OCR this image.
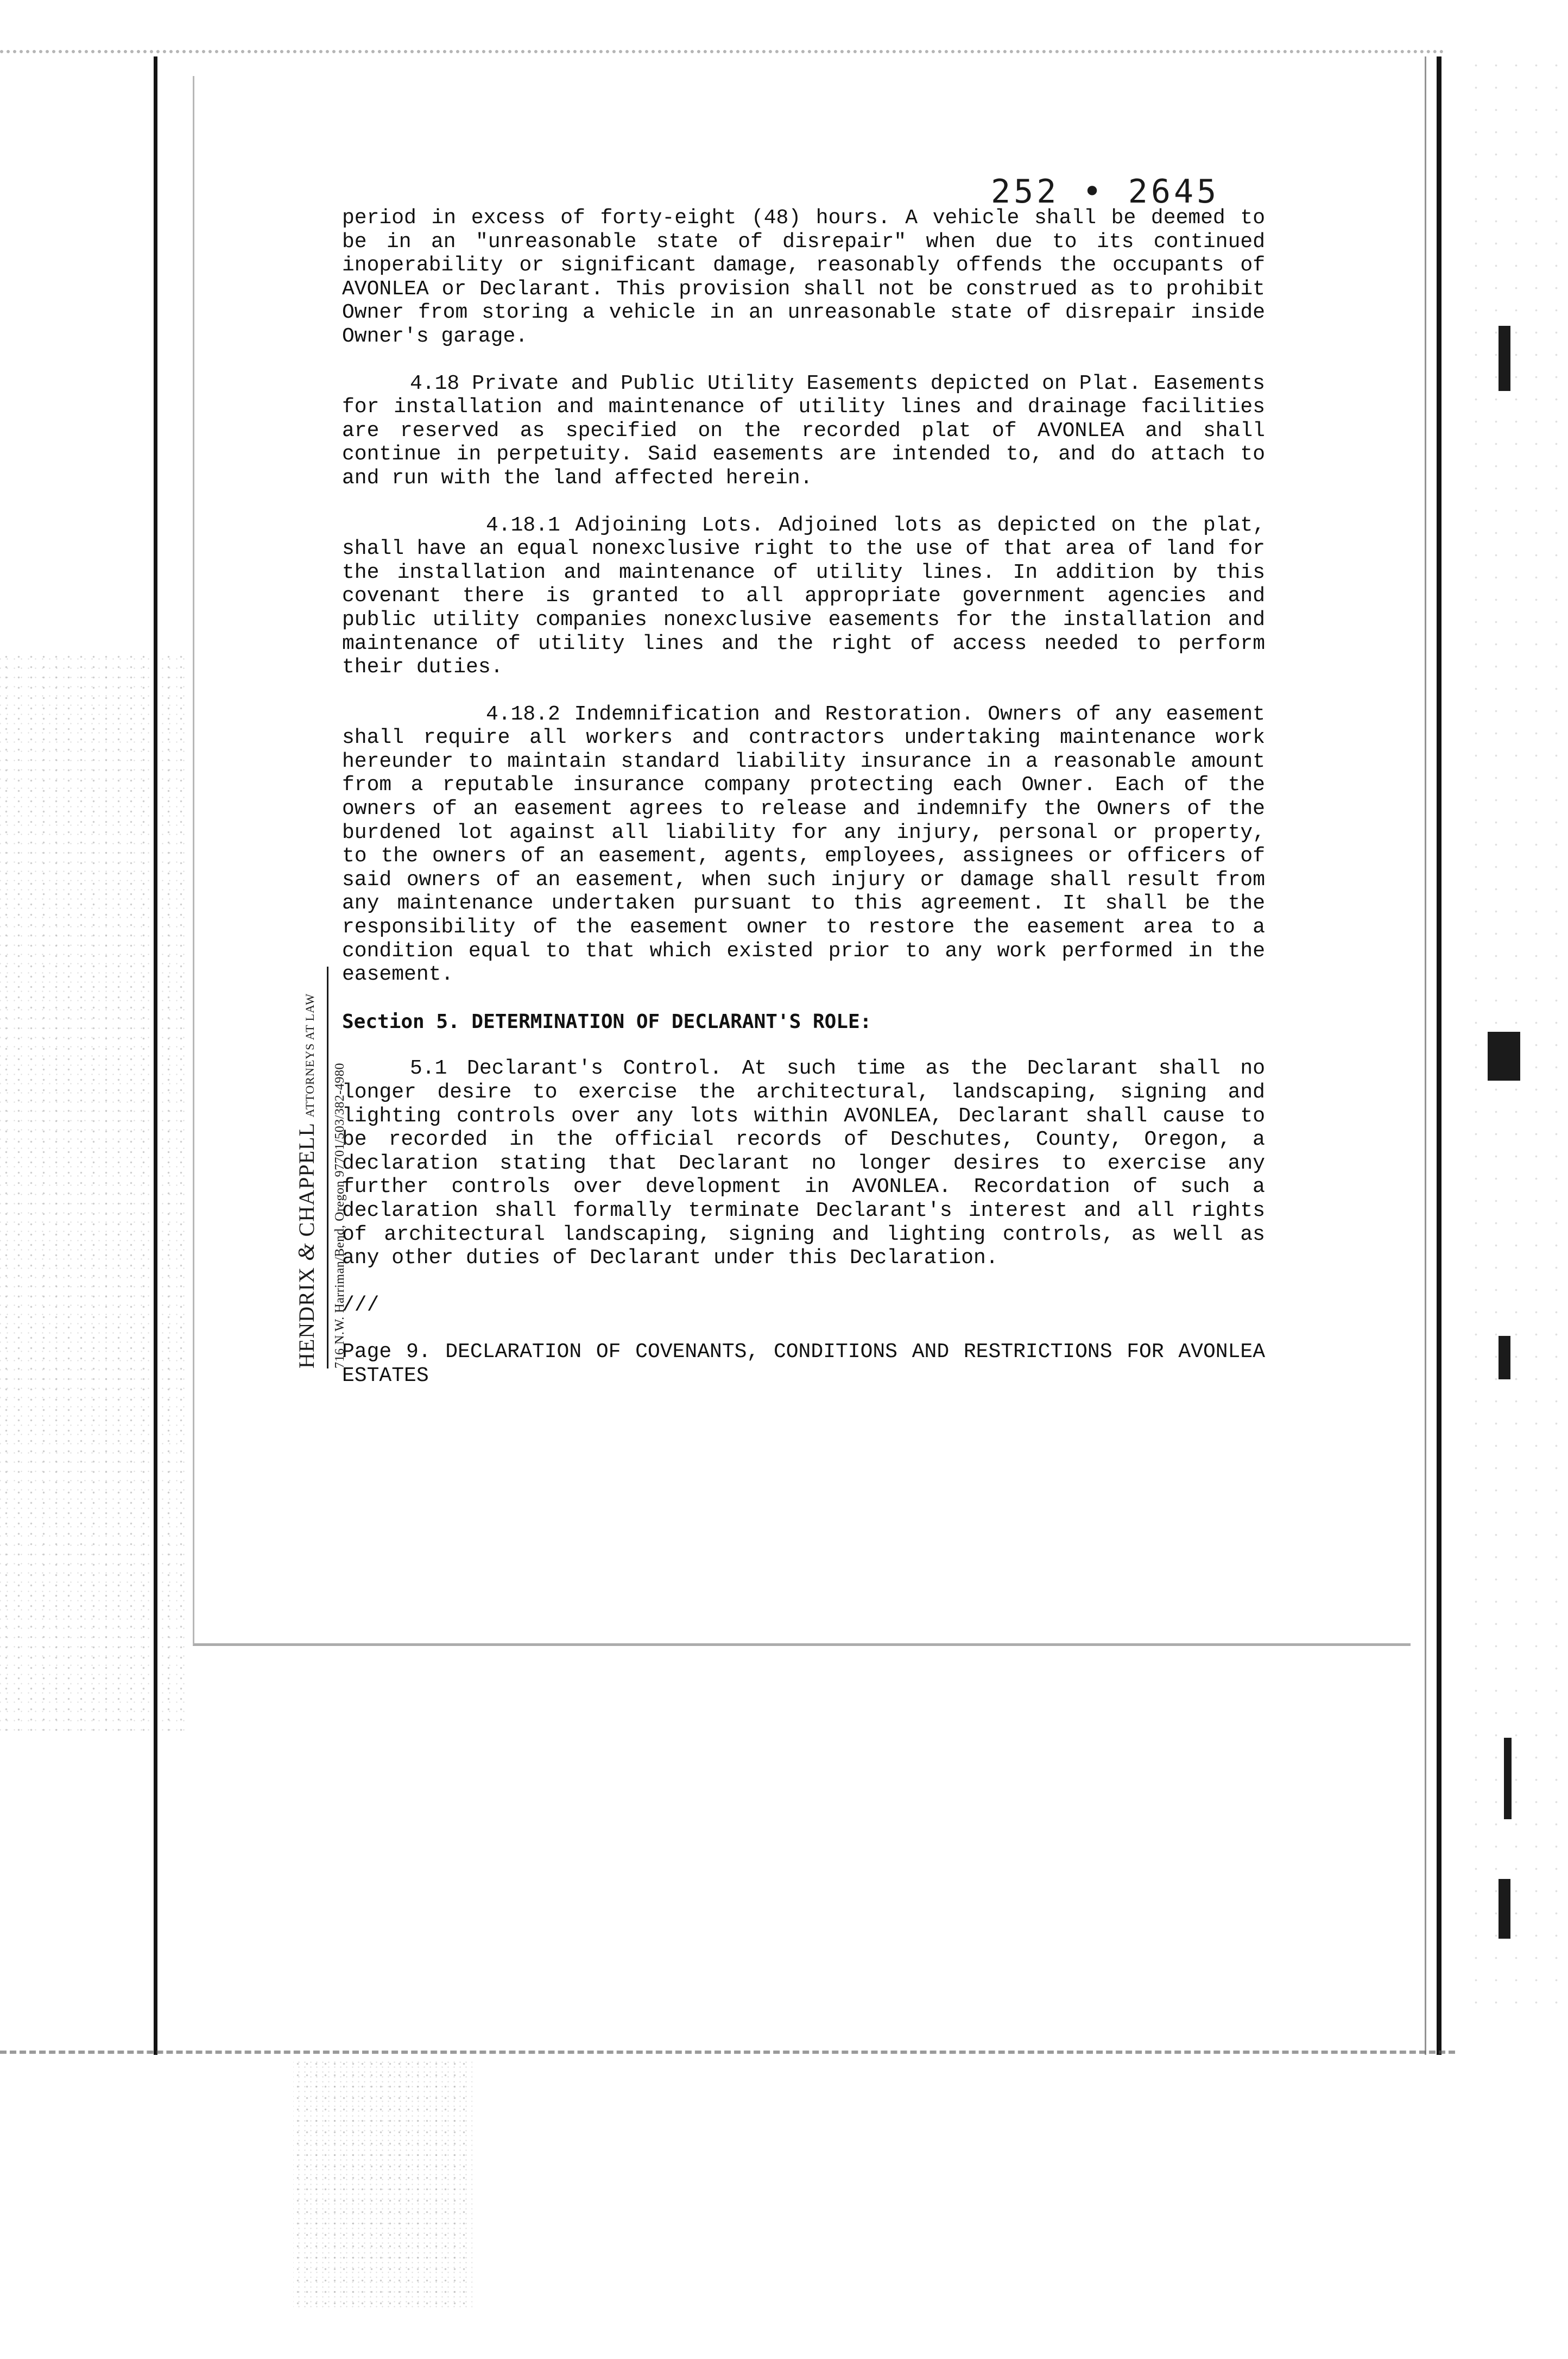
252 • 2645
HENDRIX & CHAPPELL ATTORNEYS AT LAW
716 N.W. Harriman/Bend, Oregon 97701/503/382-4980

period in excess of forty-eight (48) hours. A vehicle shall be deemed to be in an "unreasonable state of disrepair" when due to its continued inoperability or significant damage, reasonably offends the occupants of AVONLEA or Declarant. This provision shall not be construed as to prohibit Owner from storing a vehicle in an unreasonable state of disrepair inside Owner's garage.

4.18 Private and Public Utility Easements depicted on Plat. Easements for installation and maintenance of utility lines and drainage facilities are reserved as specified on the recorded plat of AVONLEA and shall continue in perpetuity. Said easements are intended to, and do attach to and run with the land affected herein.

4.18.1 Adjoining Lots. Adjoined lots as depicted on the plat, shall have an equal nonexclusive right to the use of that area of land for the installation and maintenance of utility lines. In addition by this covenant there is granted to all appropriate government agencies and public utility companies nonexclusive easements for the installation and maintenance of utility lines and the right of access needed to perform their duties.

4.18.2 Indemnification and Restoration. Owners of any easement shall require all workers and contractors undertaking maintenance work hereunder to maintain standard liability insurance in a reasonable amount from a reputable insurance company protecting each Owner. Each of the owners of an easement agrees to release and indemnify the Owners of the burdened lot against all liability for any injury, personal or property, to the owners of an easement, agents, employees, assignees or officers of said owners of an easement, when such injury or damage shall result from any maintenance undertaken pursuant to this agreement. It shall be the responsibility of the easement owner to restore the easement area to a condition equal to that which existed prior to any work performed in the easement.

Section 5. DETERMINATION OF DECLARANT'S ROLE:

5.1 Declarant's Control. At such time as the Declarant shall no longer desire to exercise the architectural, landscaping, signing and lighting controls over any lots within AVONLEA, Declarant shall cause to be recorded in the official records of Deschutes, County, Oregon, a declaration stating that Declarant no longer desires to exercise any further controls over development in AVONLEA. Recordation of such a declaration shall formally terminate Declarant's interest and all rights of architectural landscaping, signing and lighting controls, as well as any other duties of Declarant under this Declaration.

///

Page 9. DECLARATION OF COVENANTS, CONDITIONS AND RESTRICTIONS FOR AVONLEA ESTATES
